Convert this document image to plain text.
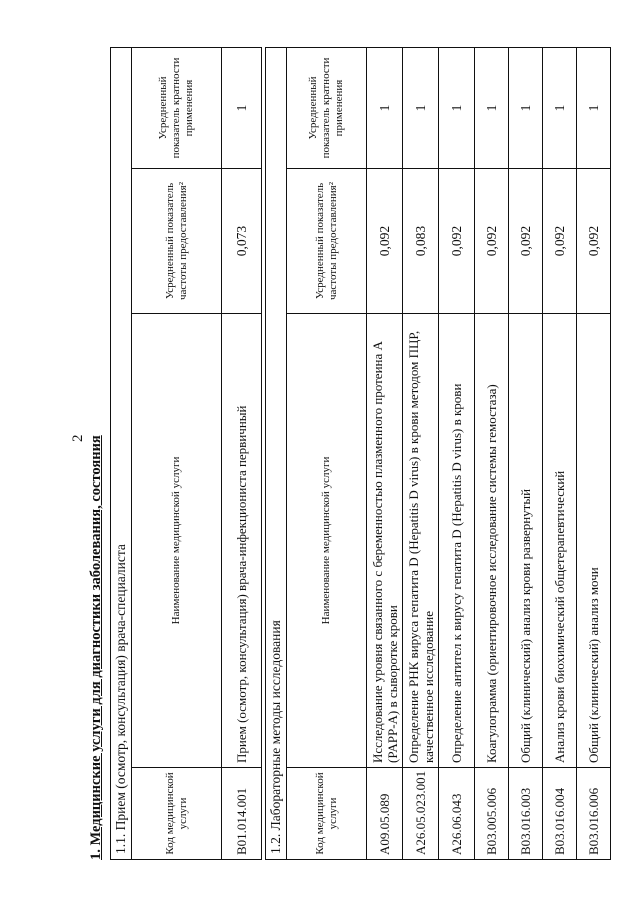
2 1. Медицинские услуги для диагностики заболевания, состояния 1.1. Прием (осмотр, консультация) врача-специалиста			
Код медицинской услуги	Наименование медицинской услуги	Усредненный показатель частоты предоставления²	Усредненный показатель кратности применения
B01.014.001	Прием (осмотр, консультация) врача-инфекциониста первичный	0,073	1
1.2. Лабораторные методы исследования			
Код медицинской услуги	Наименование медицинской услуги	Усредненный показатель частоты предоставления²	Усредненный показатель кратности применения
A09.05.089	Исследование уровня связанного с беременностью плазменного протеина А (PAPP-A) в сыворотке крови	0,092	1
A26.05.023.001	Определение РНК вируса гепатита D (Hepatitis D virus) в крови методом ПЦР, качественное исследование	0,083	1
A26.06.043	Определение антител к вирусу гепатита D (Hepatitis D virus) в крови	0,092	1
B03.005.006	Коагулограмма (ориентировочное исследование системы гемостаза)	0,092	1
B03.016.003	Общий (клинический) анализ крови развернутый	0,092	1
B03.016.004	Анализ крови биохимический общетерапевтический	0,092	1
B03.016.006	Общий (клинический) анализ мочи	0,092	1
